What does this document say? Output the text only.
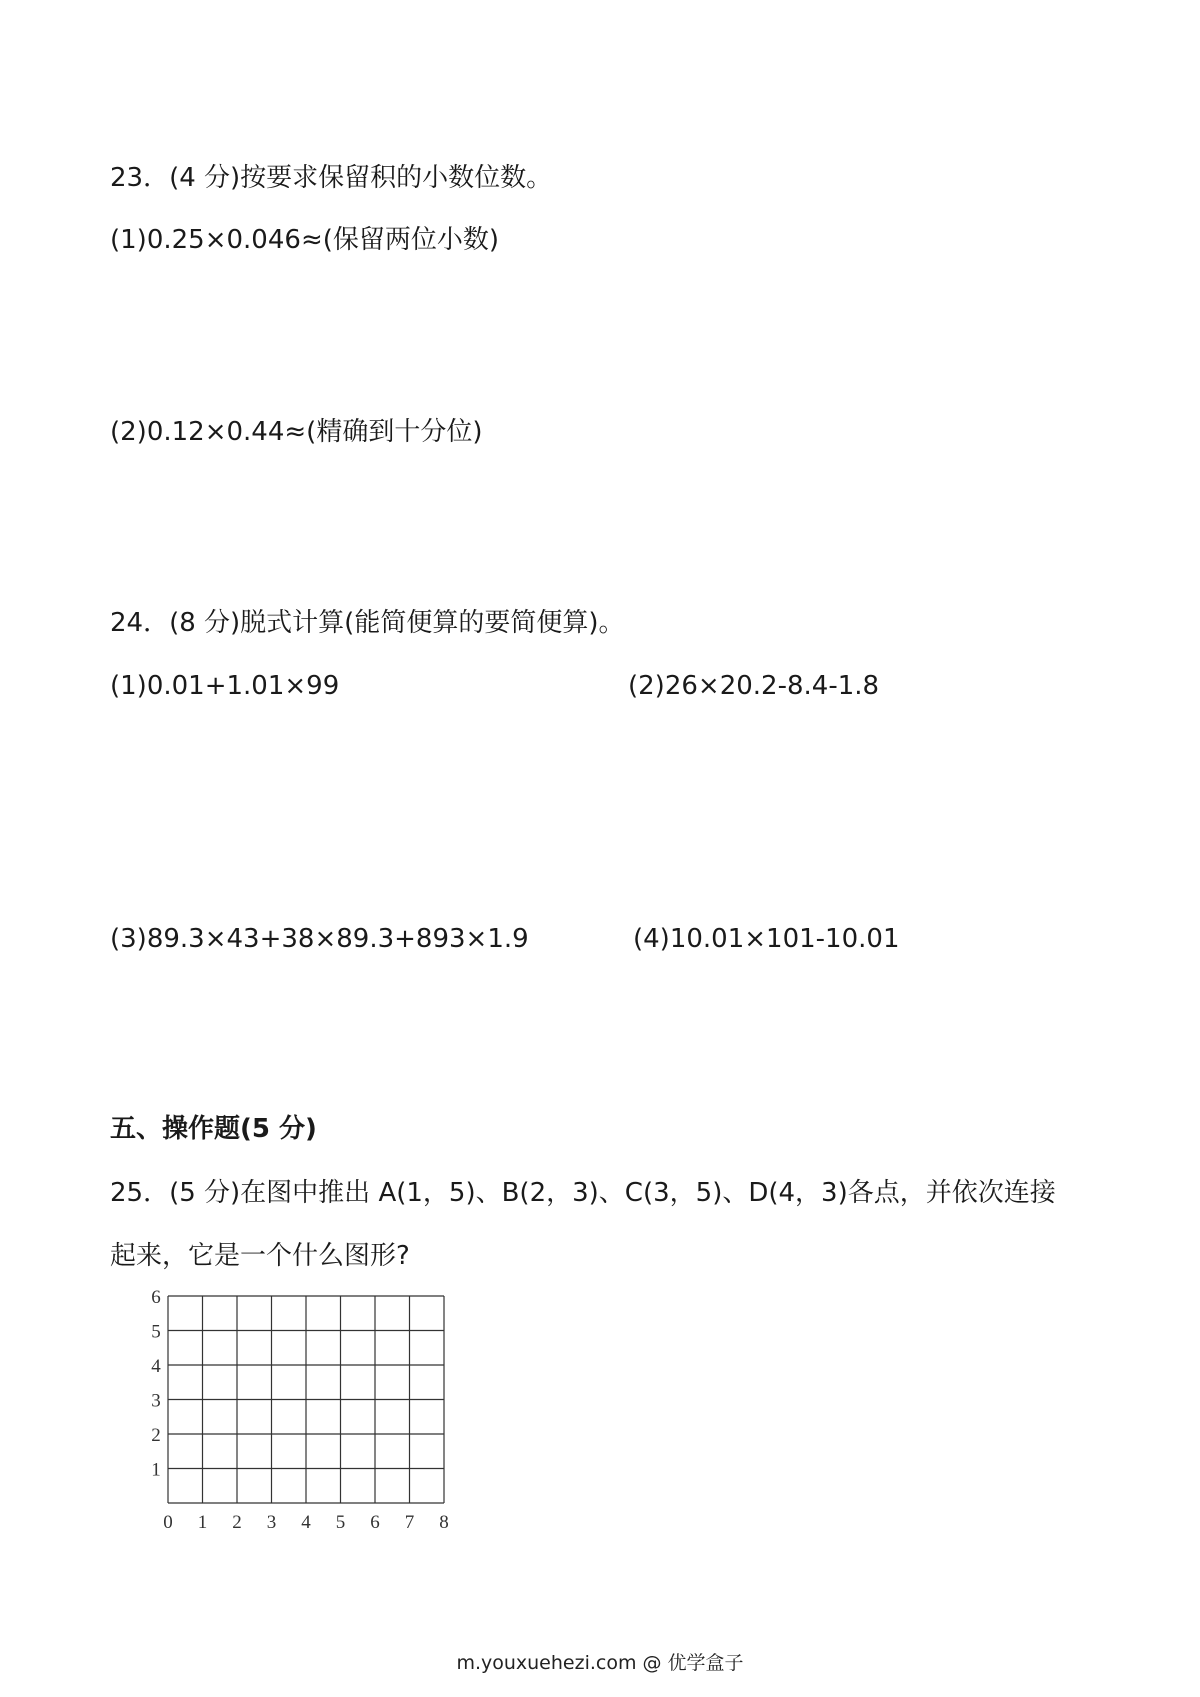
23．(4 分)按要求保留积的小数位数。
(1)0.25×0.046≈(保留两位小数)
(2)0.12×0.44≈(精确到十分位)
24．(8 分)脱式计算(能简便算的要简便算)。
(1)0.01+1.01×99	(2)26×20.2-8.4-1.8
(3)89.3×43+38×89.3+893×1.9	(4)10.01×101-10.01
五、操作题(5 分)
25．(5 分)在图中推出 A(1，5)、B(2，3)、C(3，5)、D(4，3)各点，并依次连接
起来，它是一个什么图形?
0 1 2 3 4 5 6 7 8
1
2
3
4
5
6
m.youxuehezi.com @ 优学盒子
